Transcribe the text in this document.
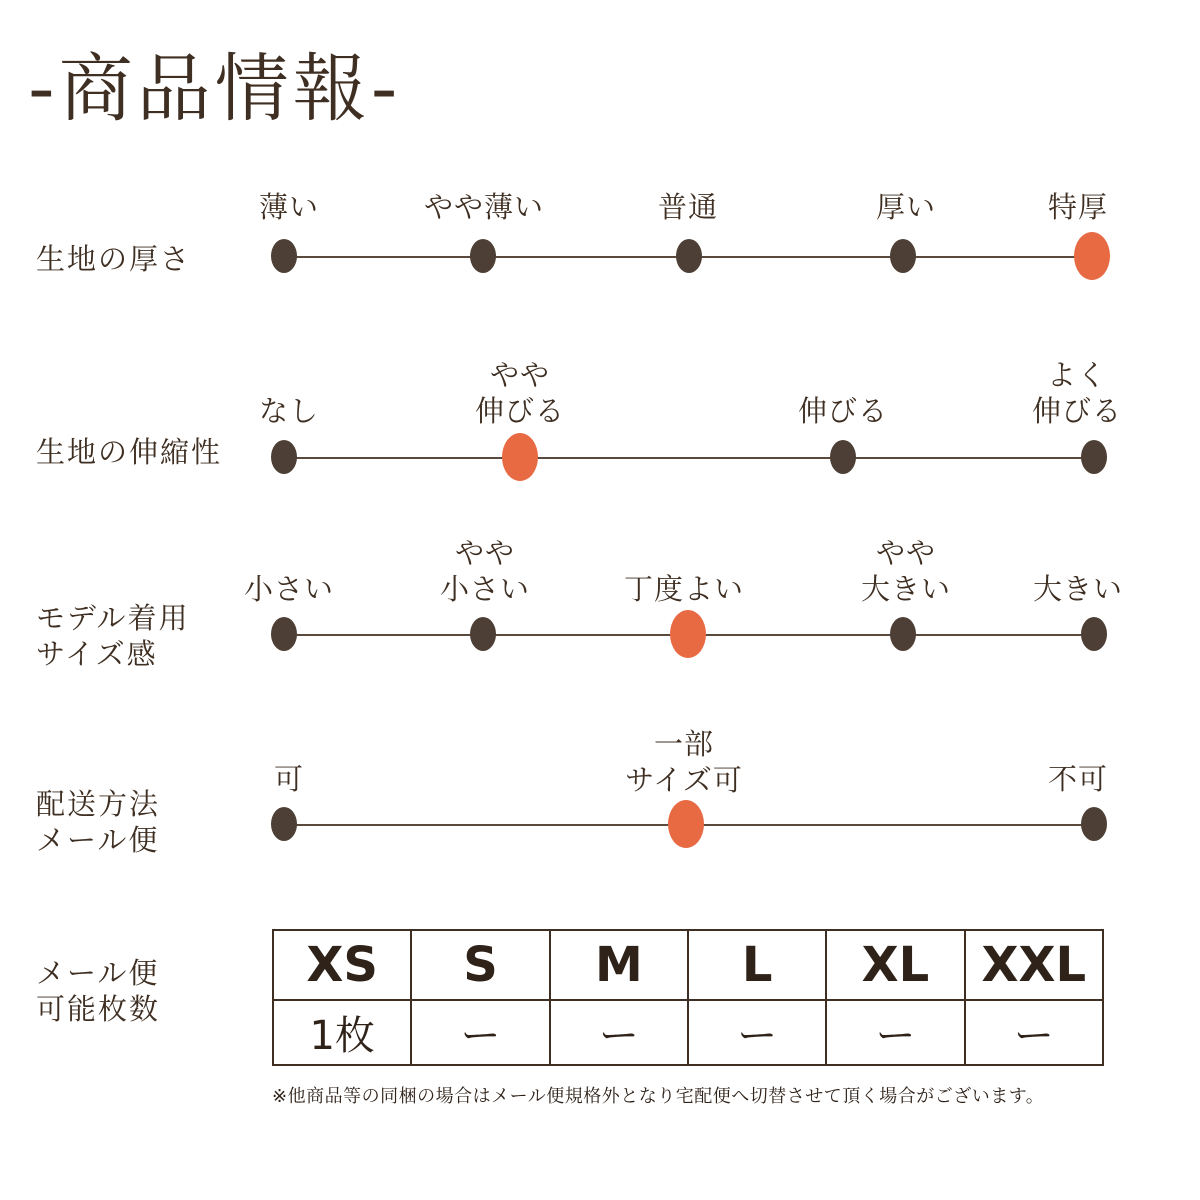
-商品情報-
生地の厚さ
薄い	やや薄い	普通	厚い	特厚
生地の伸縮性
なし
やや
伸びる	伸びる
よく
伸びる
モデル着用
サイズ感
小さい
やや
小さい	丁度よい
やや
大きい	大きい
配送方法
メール便
可
一部
サイズ可	不可
メール便
可能枚数
XS	S	M	L	XL	XXL
1枚	ー	ー	ー	ー	ー
※他商品等の同梱の場合はメール便規格外となり宅配便へ切替させて頂く場合がございます。
